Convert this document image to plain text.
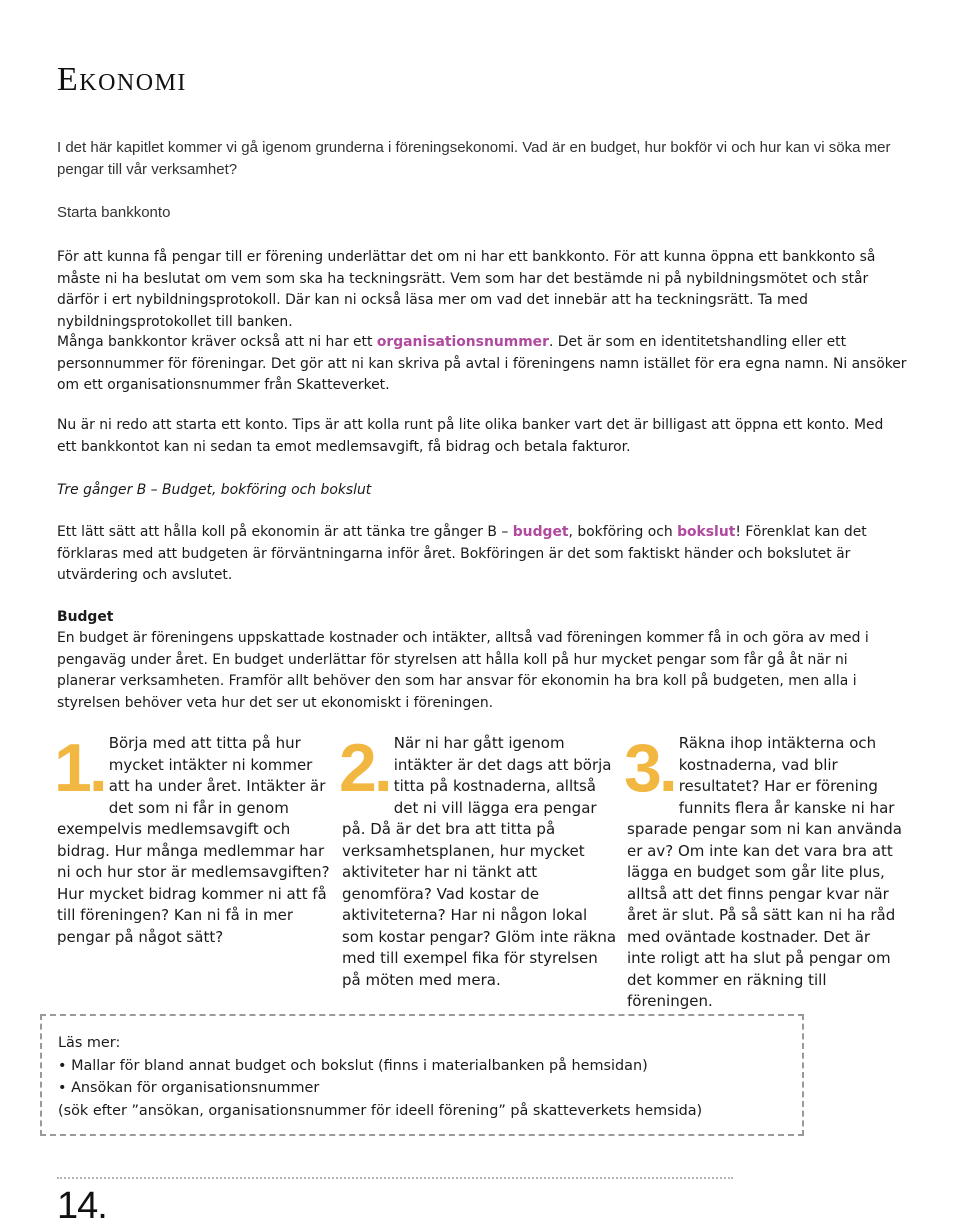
Ekonomi

I det här kapitlet kommer vi gå igenom grunderna i föreningsekonomi. Vad är en budget, hur bokför vi och hur kan vi söka mer pengar till vår verksamhet?

Starta bankkonto

För att kunna få pengar till er förening underlättar det om ni har ett bankkonto. För att kunna öppna ett bankkonto så måste ni ha beslutat om vem som ska ha teckningsrätt. Vem som har det bestämde ni på nybildningsmötet och står därför i ert nybildningsprotokoll. Där kan ni också läsa mer om vad det innebär att ha teckningsrätt. Ta med nybildningsprotokollet till banken.

Många bankkontor kräver också att ni har ett organisationsnummer. Det är som en identitetshandling eller ett personnummer för föreningar. Det gör att ni kan skriva på avtal i föreningens namn istället för era egna namn. Ni ansöker om ett organisationsnummer från Skatteverket.

Nu är ni redo att starta ett konto. Tips är att kolla runt på lite olika banker vart det är billigast att öppna ett konto. Med ett bankkontot kan ni sedan ta emot medlemsavgift, få bidrag och betala fakturor.

Tre gånger B – Budget, bokföring och bokslut

Ett lätt sätt att hålla koll på ekonomin är att tänka tre gånger B – budget, bokföring och bokslut! Förenklat kan det förklaras med att budgeten är förväntningarna inför året. Bokföringen är det som faktiskt händer och bokslutet är utvärdering och avslutet.

Budget

En budget är föreningens uppskattade kostnader och intäkter, alltså vad föreningen kommer få in och göra av med i pengaväg under året. En budget underlättar för styrelsen att hålla koll på hur mycket pengar som får gå åt när ni planerar verksamheten. Framför allt behöver den som har ansvar för ekonomin ha bra koll på budgeten, men alla i styrelsen behöver veta hur det ser ut ekonomiskt i föreningen.

1. Börja med att titta på hur mycket intäkter ni kommer att ha under året. Intäkter är det som ni får in genom exempelvis medlemsavgift och bidrag. Hur många medlemmar har ni och hur stor är medlemsavgiften? Hur mycket bidrag kommer ni att få till föreningen? Kan ni få in mer pengar på något sätt?

2. När ni har gått igenom intäkter är det dags att börja titta på kostnaderna, alltså det ni vill lägga era pengar på. Då är det bra att titta på verksamhetsplanen, hur mycket aktiviteter har ni tänkt att genomföra? Vad kostar de aktiviteterna? Har ni någon lokal som kostar pengar? Glöm inte räkna med till exempel fika för styrelsen på möten med mera.

3. Räkna ihop intäkterna och kostnaderna, vad blir resultatet? Har er förening funnits flera år kanske ni har sparade pengar som ni kan använda er av? Om inte kan det vara bra att lägga en budget som går lite plus, alltså att det finns pengar kvar när året är slut. På så sätt kan ni ha råd med oväntade kostnader. Det är inte roligt att ha slut på pengar om det kommer en räkning till föreningen.

Läs mer:
• Mallar för bland annat budget och bokslut (finns i materialbanken på hemsidan)
• Ansökan för organisationsnummer
(sök efter ”ansökan, organisationsnummer för ideell förening” på skatteverkets hemsida)
14.
